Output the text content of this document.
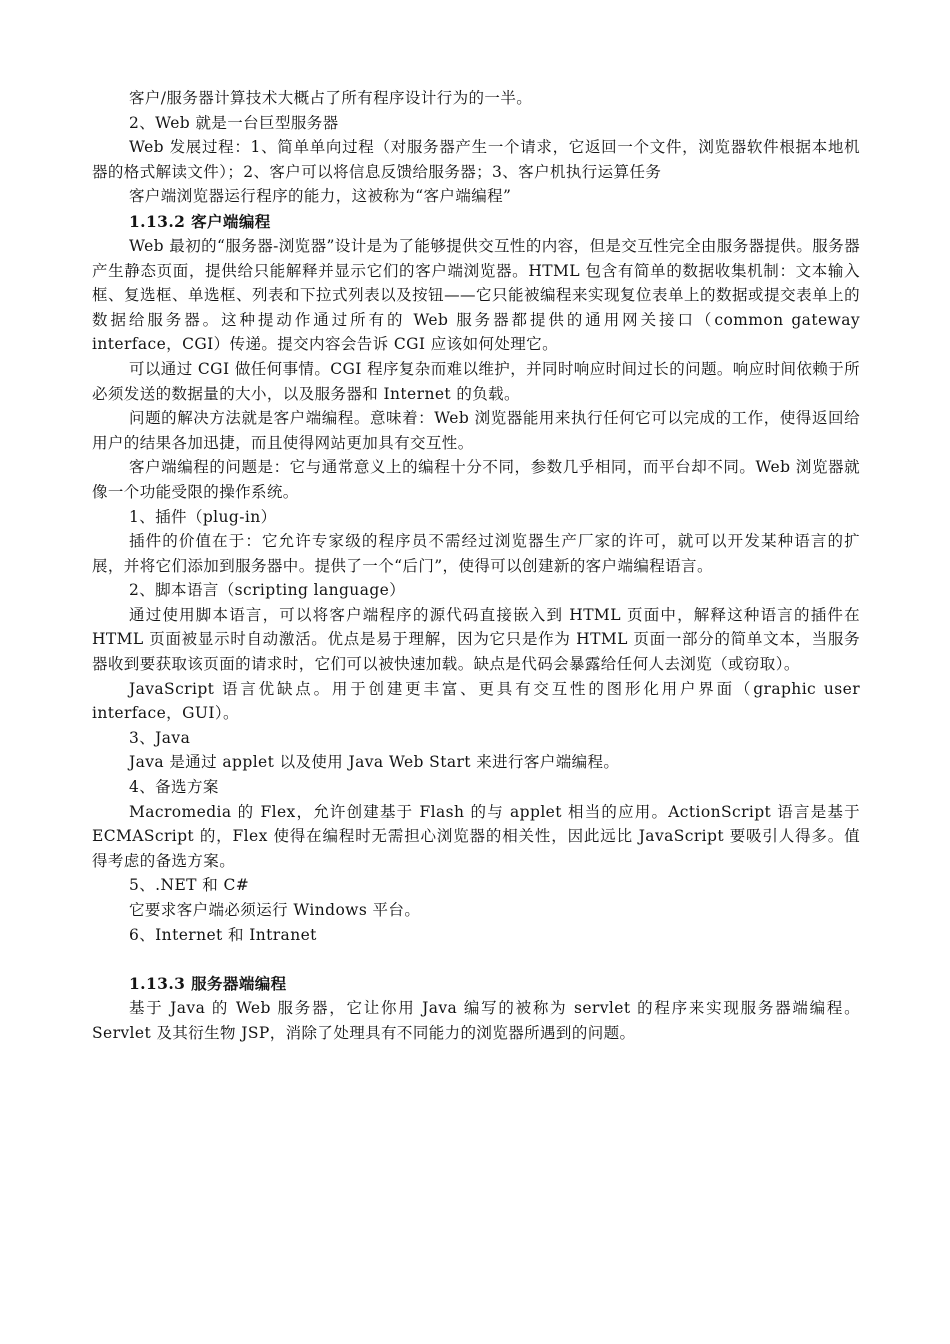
客户/服务器计算技术大概占了所有程序设计行为的一半。

2、Web 就是一台巨型服务器

Web 发展过程：1、简单单向过程（对服务器产生一个请求，它返回一个文件，浏览器软件根据本地机器的格式解读文件）；2、客户可以将信息反馈给服务器；3、客户机执行运算任务

客户端浏览器运行程序的能力，这被称为“客户端编程”

1.13.2 客户端编程

Web 最初的“服务器-浏览器”设计是为了能够提供交互性的内容，但是交互性完全由服务器提供。服务器产生静态页面，提供给只能解释并显示它们的客户端浏览器。HTML 包含有简单的数据收集机制：文本输入框、复选框、单选框、列表和下拉式列表以及按钮——它只能被编程来实现复位表单上的数据或提交表单上的数据给服务器。这种提动作通过所有的 Web 服务器都提供的通用网关接口（common gateway interface，CGI）传递。提交内容会告诉 CGI 应该如何处理它。

可以通过 CGI 做任何事情。CGI 程序复杂而难以维护，并同时响应时间过长的问题。响应时间依赖于所必须发送的数据量的大小，以及服务器和 Internet 的负载。

问题的解决方法就是客户端编程。意味着：Web 浏览器能用来执行任何它可以完成的工作，使得返回给用户的结果各加迅捷，而且使得网站更加具有交互性。

客户端编程的问题是：它与通常意义上的编程十分不同，参数几乎相同，而平台却不同。Web 浏览器就像一个功能受限的操作系统。

1、插件（plug-in）

插件的价值在于：它允许专家级的程序员不需经过浏览器生产厂家的许可，就可以开发某种语言的扩展，并将它们添加到服务器中。提供了一个“后门”，使得可以创建新的客户端编程语言。

2、脚本语言（scripting language）

通过使用脚本语言，可以将客户端程序的源代码直接嵌入到 HTML 页面中，解释这种语言的插件在 HTML 页面被显示时自动激活。优点是易于理解，因为它只是作为 HTML 页面一部分的简单文本，当服务器收到要获取该页面的请求时，它们可以被快速加载。缺点是代码会暴露给任何人去浏览（或窃取）。

JavaScript 语言优缺点。用于创建更丰富、更具有交互性的图形化用户界面（graphic user interface，GUI）。

3、Java

Java 是通过 applet 以及使用 Java Web Start 来进行客户端编程。

4、备选方案

Macromedia 的 Flex，允许创建基于 Flash 的与 applet 相当的应用。ActionScript 语言是基于 ECMAScript 的，Flex 使得在编程时无需担心浏览器的相关性，因此远比 JavaScript 要吸引人得多。值得考虑的备选方案。

5、.NET 和 C#

它要求客户端必须运行 Windows 平台。

6、Internet 和 Intranet

1.13.3 服务器端编程

基于 Java 的 Web 服务器，它让你用 Java 编写的被称为 servlet 的程序来实现服务器端编程。Servlet 及其衍生物 JSP，消除了处理具有不同能力的浏览器所遇到的问题。
